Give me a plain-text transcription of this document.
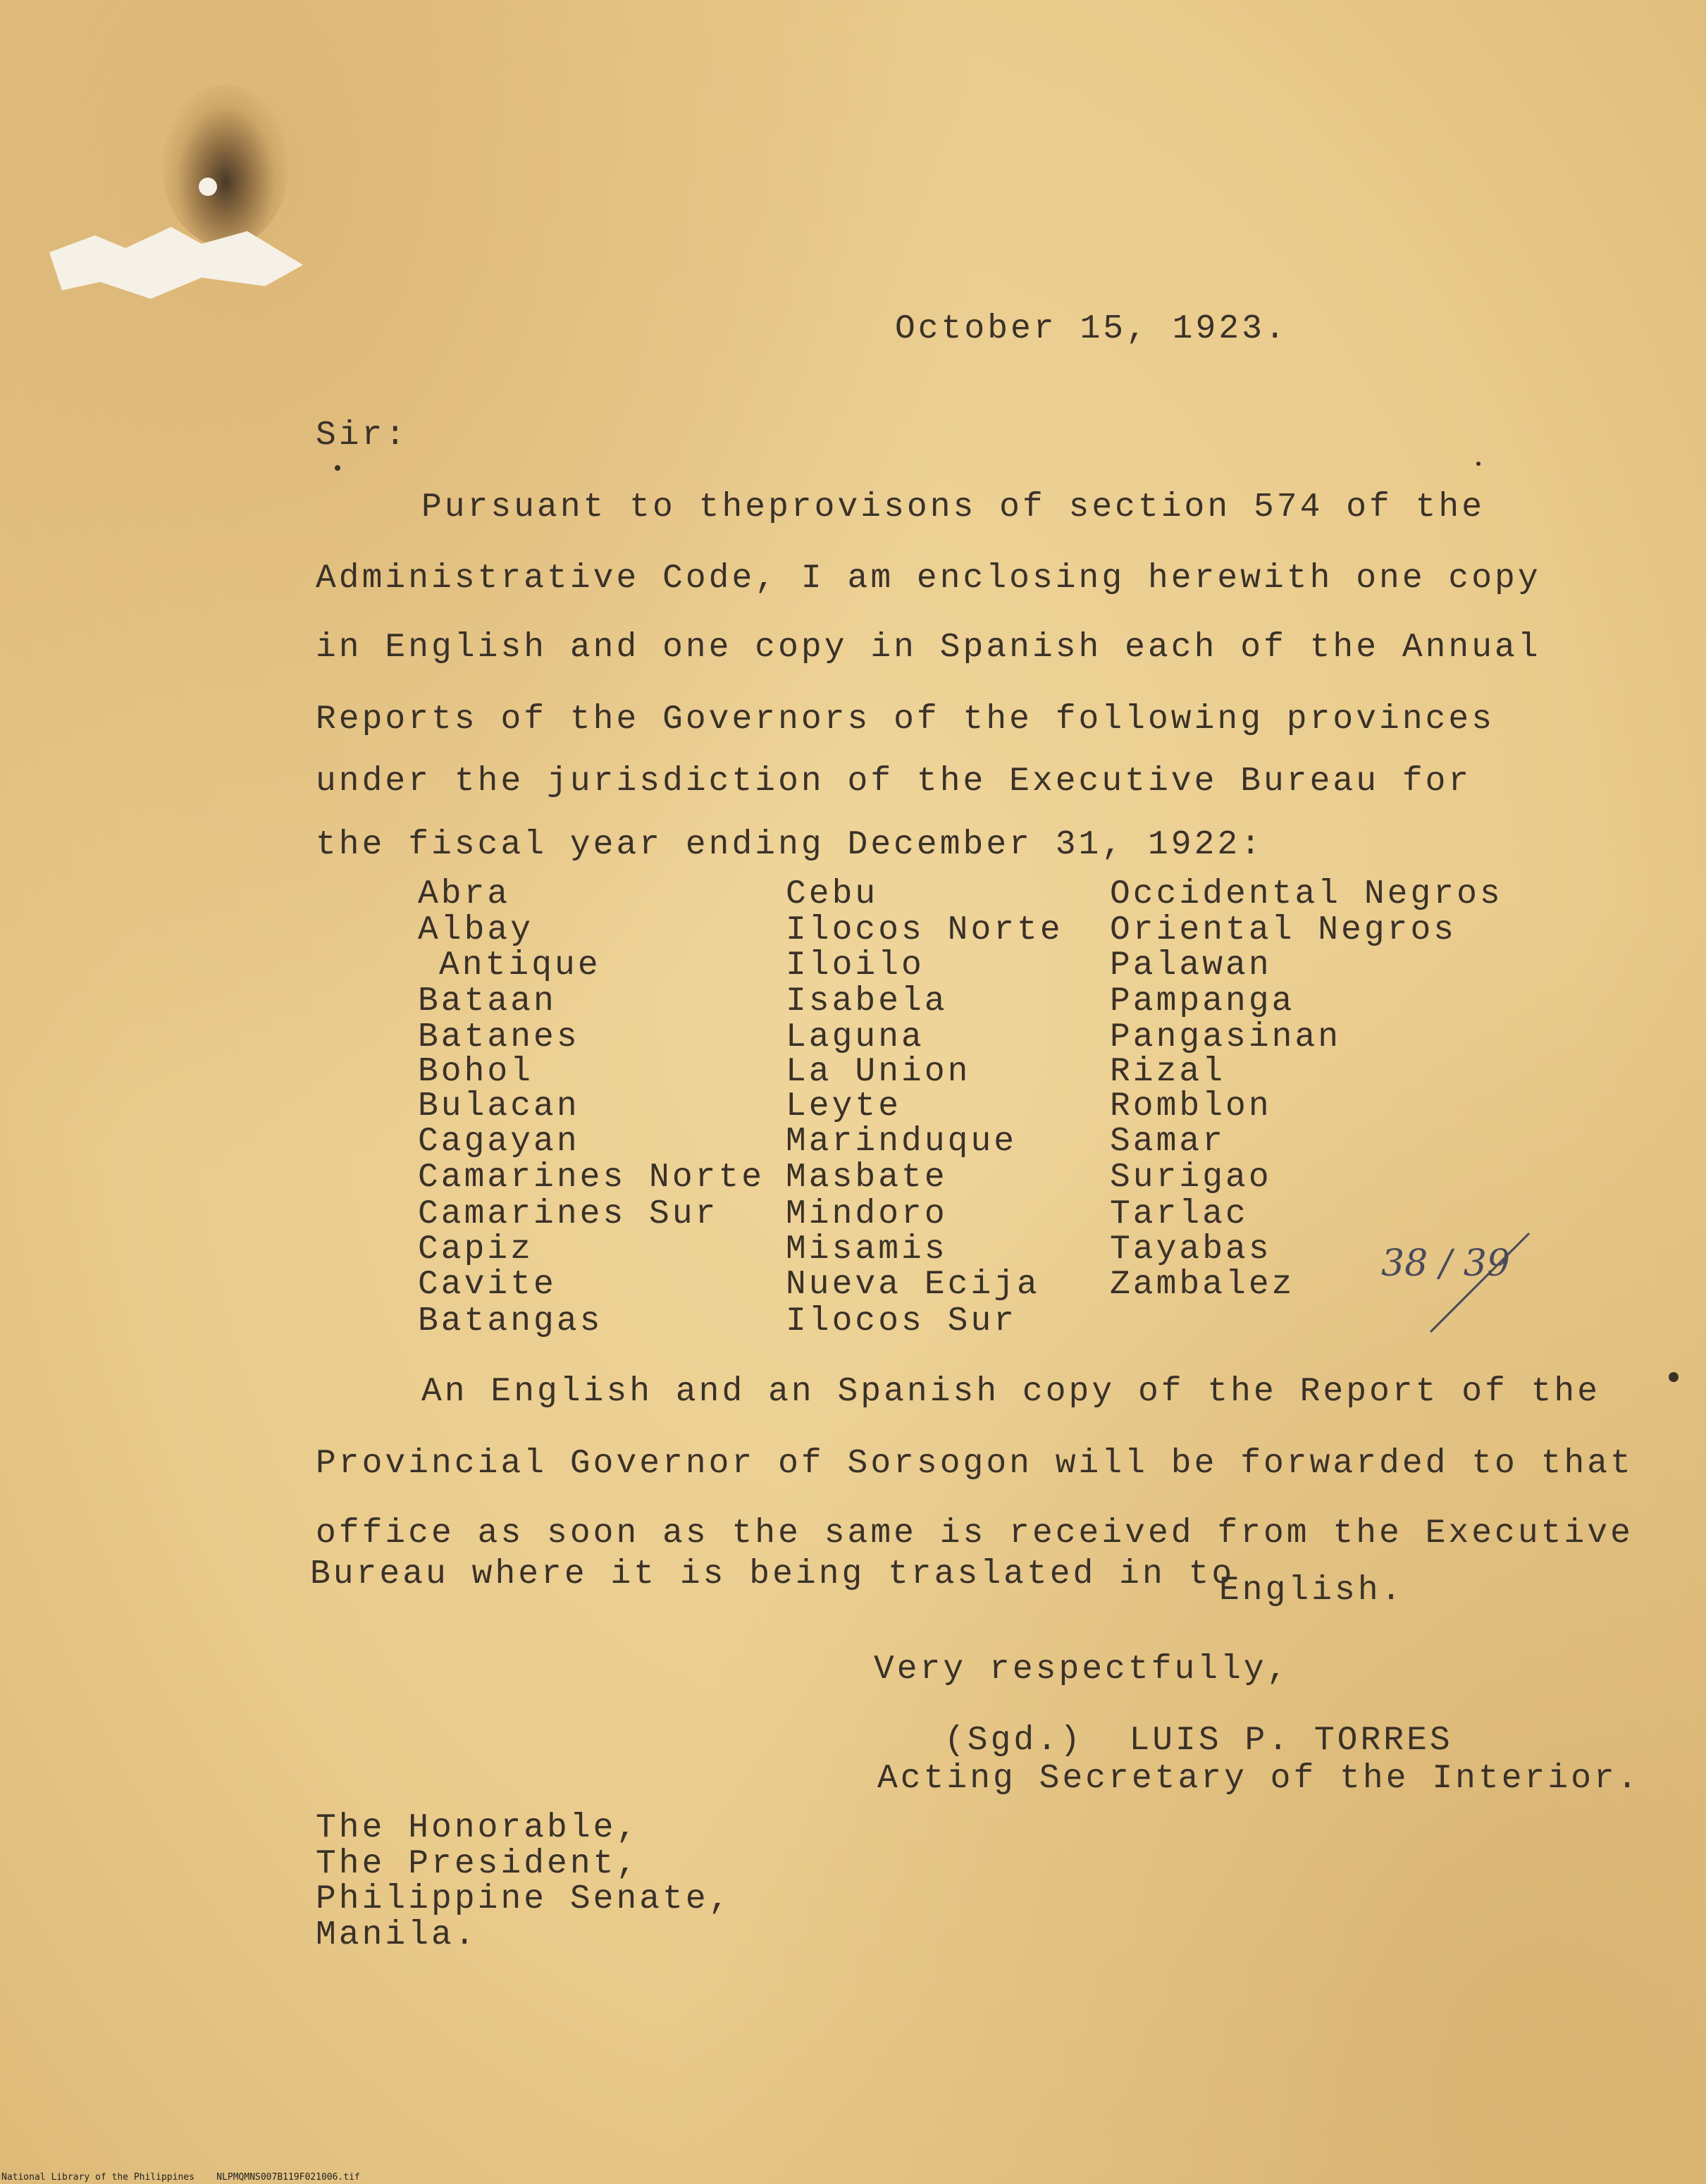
October 15, 1923.

Sir:

Pursuant to theprovisons of section 574 of the

Administrative Code, I am enclosing herewith one copy

in English and one copy in Spanish each of the Annual

Reports of the Governors of the following provinces

under the jurisdiction of the Executive Bureau for

the fiscal year ending December 31, 1922:

Abra

Albay

Antique

Bataan

Batanes

Bohol

Bulacan

Cagayan

Camarines Norte

Camarines Sur

Capiz

Cavite

Batangas

Cebu

Ilocos Norte

Iloilo

Isabela

Laguna

La Union

Leyte

Marinduque

Masbate

Mindoro

Misamis

Nueva Ecija

Ilocos Sur

Occidental Negros

Oriental Negros

Palawan

Pampanga

Pangasinan

Rizal

Romblon

Samar

Surigao

Tarlac

Tayabas

Zambalez 38 / 39

An English and an Spanish copy of the Report of the

Provincial Governor of Sorsogon will be forwarded to that

office as soon as the same is received from the Executive

Bureau where it is being traslated in to

English.

Very respectfully,

(Sgd.)  LUIS P. TORRES

Acting Secretary of the Interior.

The Honorable,

The President,

Philippine Senate,

Manila.

National Library of the Philippines    NLPMQMNS007B119F021006.tif
